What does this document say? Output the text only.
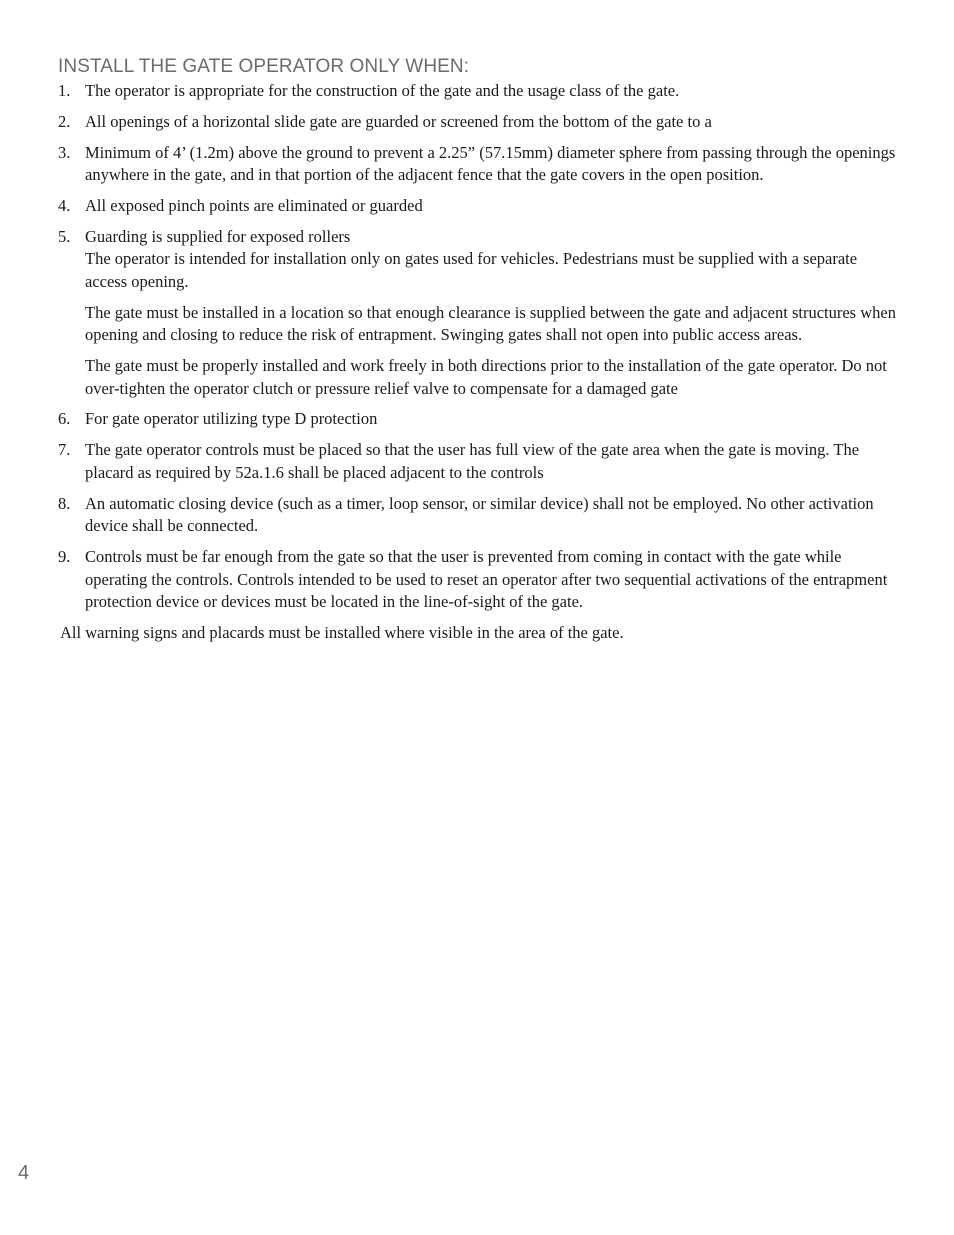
INSTALL THE GATE OPERATOR ONLY WHEN:
1. The operator is appropriate for the construction of the gate and the usage class of the gate.

2. All openings of a horizontal slide gate are guarded or screened from the bottom of the gate to a

3. Minimum of 4’ (1.2m) above the ground to prevent a 2.25” (57.15mm) diameter sphere from passing through the openings anywhere in the gate, and in that portion of the adjacent fence that the gate covers in the open position.

4. All exposed pinch points are eliminated or guarded

5. Guarding is supplied for exposed rollers

The operator is intended for installation only on gates used for vehicles. Pedestrians must be supplied with a separate access opening.

The gate must be installed in a location so that enough clearance is supplied between the gate and adjacent structures when opening and closing to reduce the risk of entrapment. Swinging gates shall not open into public access areas.

The gate must be properly installed and work freely in both directions prior to the installation of the gate operator. Do not over-tighten the operator clutch or pressure relief valve to compensate for a damaged gate

6. For gate operator utilizing type D protection

7. The gate operator controls must be placed so that the user has full view of the gate area when the gate is moving. The placard as required by 52a.1.6 shall be placed adjacent to the controls

8. An automatic closing device (such as a timer, loop sensor, or similar device) shall not be employed. No other activation device shall be connected.

9. Controls must be far enough from the gate so that the user is prevented from coming in contact with the gate while operating the controls. Controls intended to be used to reset an operator after two sequential activations of the entrapment protection device or devices must be located in the line-of-sight of the gate.

All warning signs and placards must be installed where visible in the area of the gate.

4
